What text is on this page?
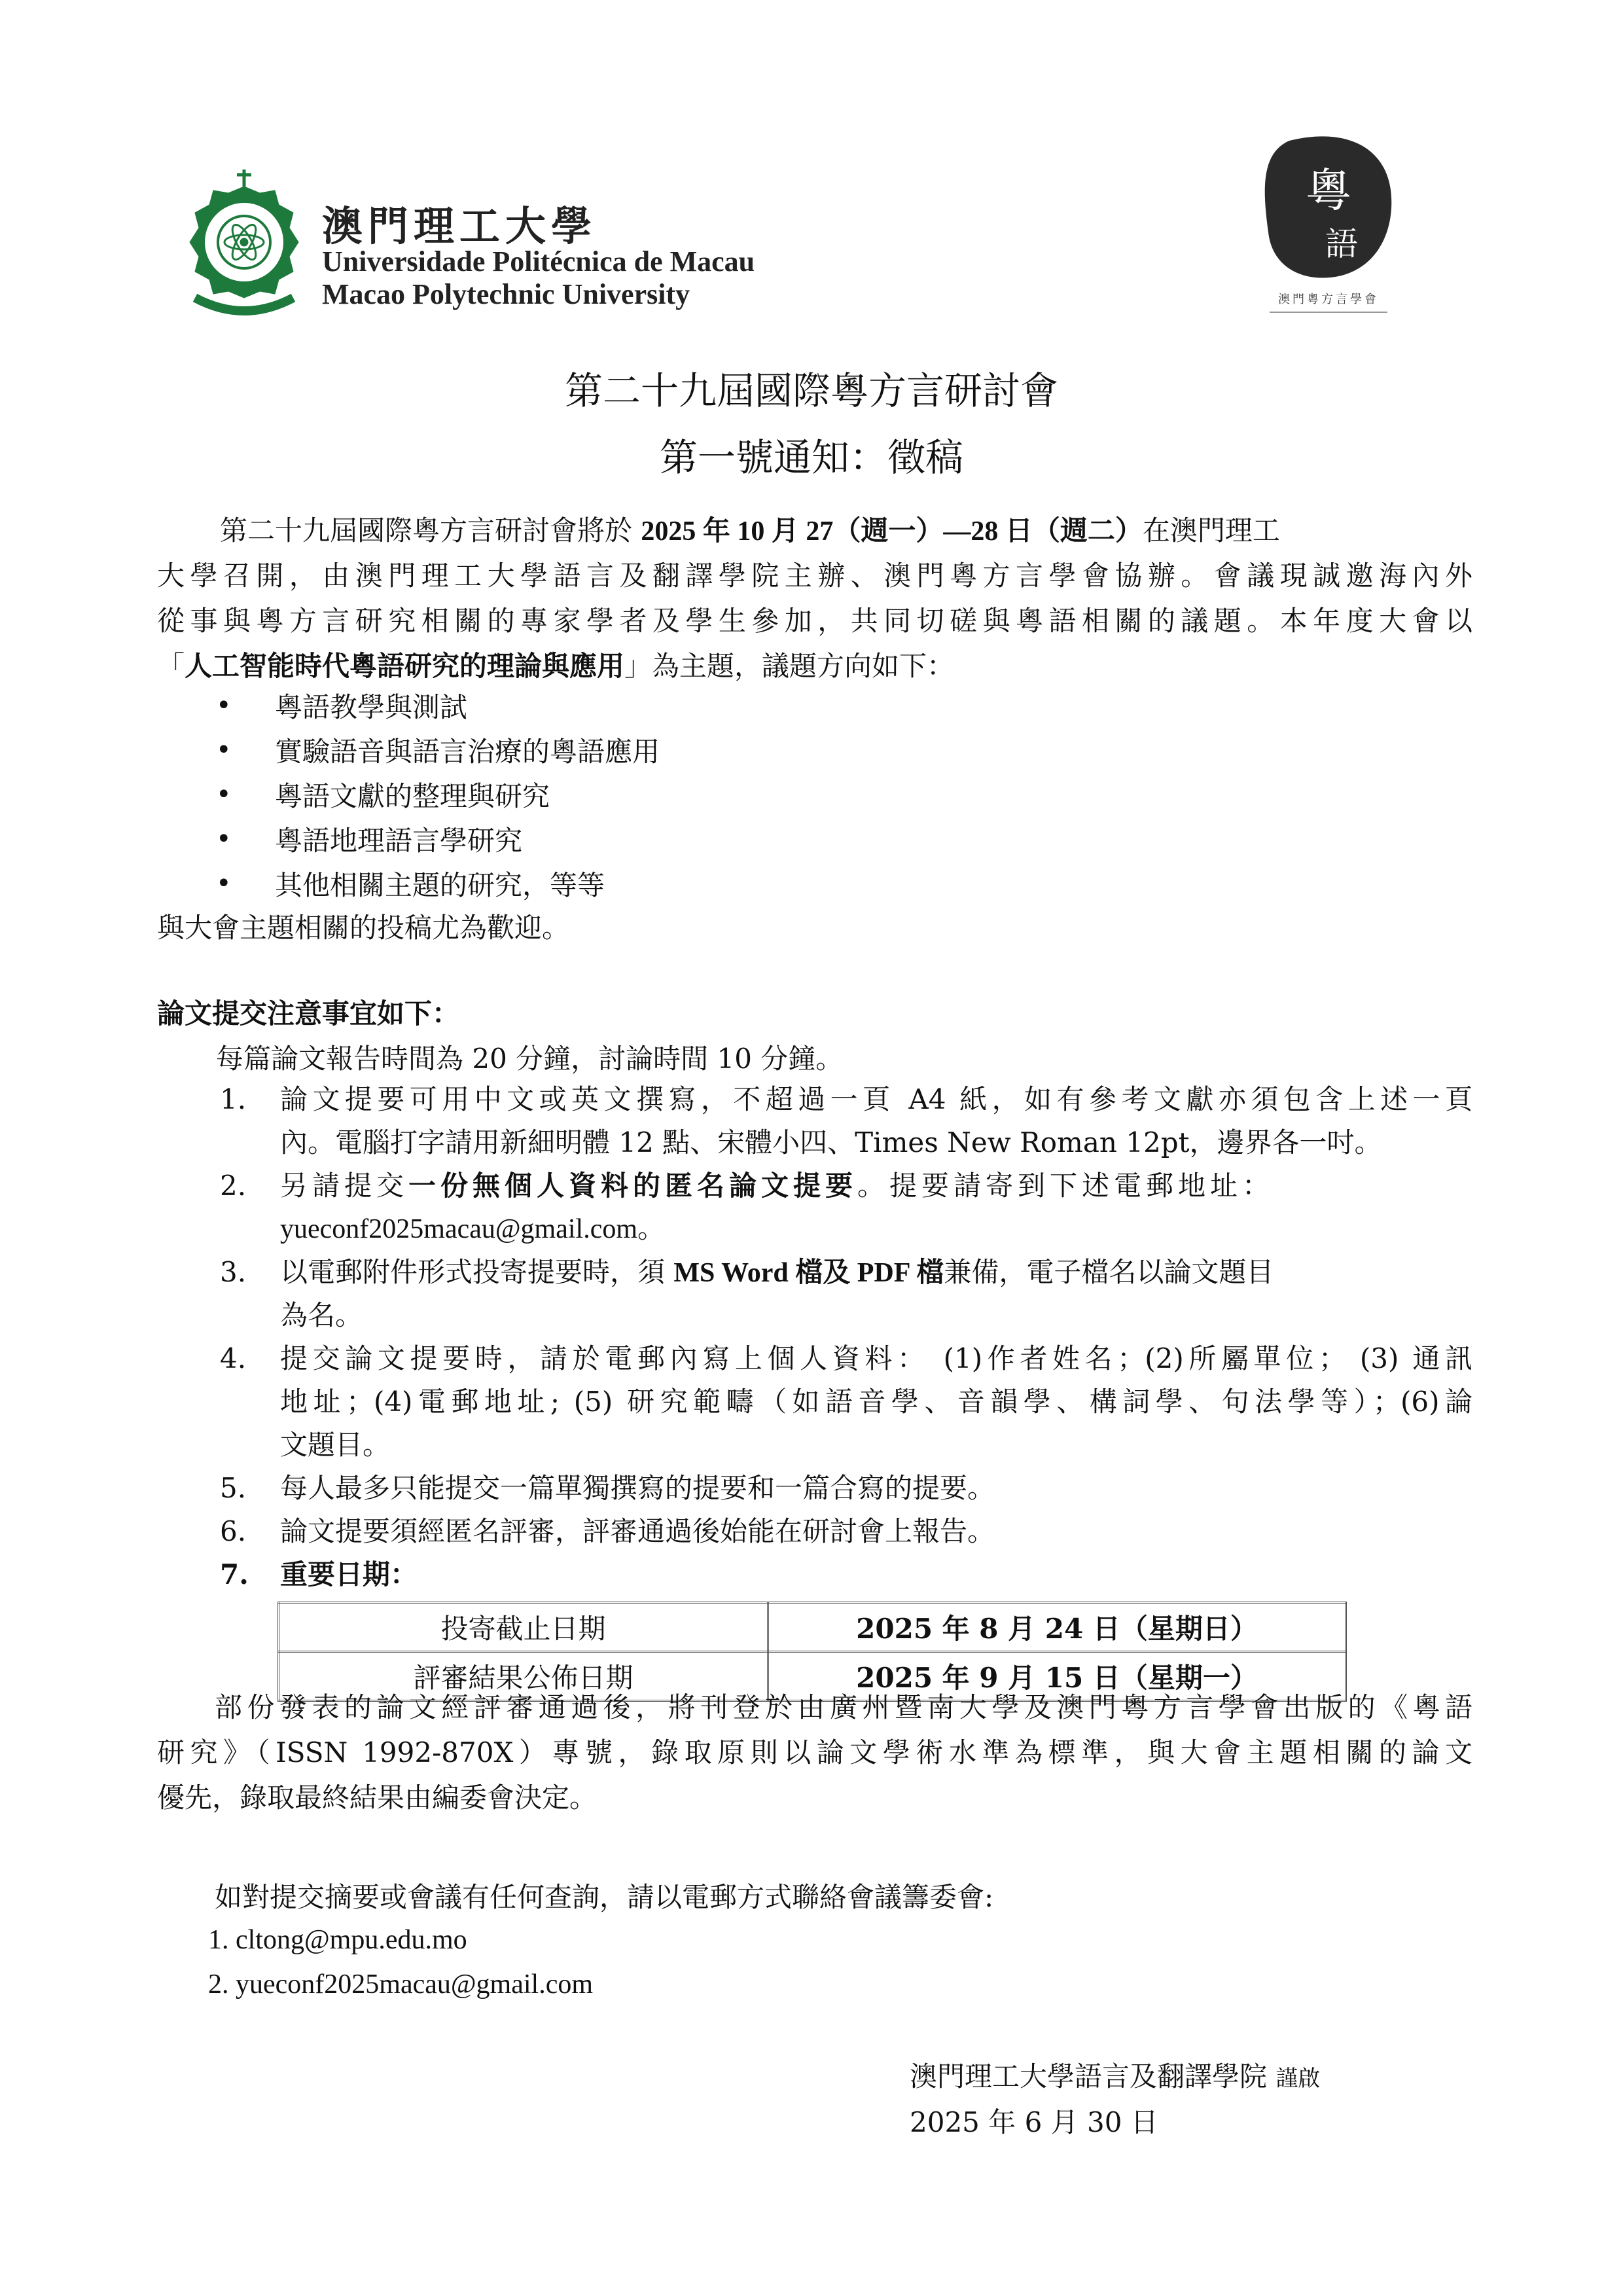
澳門理工大學
Universidade Politécnica de Macau
Macao Polytechnic University
粵
語
澳門粵方言學會
第二十九屆國際粵方言研討會
第一號通知：徵稿
第二十九屆國際粵方言研討會將於 2025 年 10 月 27（週一）—28 日（週二）在澳門理工
大學召開，由澳門理工大學語言及翻譯學院主辦、澳門粵方言學會協辦。會議現誠邀海內外
從事與粵方言研究相關的專家學者及學生參加，共同切磋與粵語相關的議題。本年度大會以
「人工智能時代粵語研究的理論與應用」為主題，議題方向如下：
•	粵語教學與測試
•	實驗語音與語言治療的粵語應用
•	粵語文獻的整理與研究
•	粵語地理語言學研究
•	其他相關主題的研究，等等
與大會主題相關的投稿尤為歡迎。
論文提交注意事宜如下：
每篇論文報告時間為 20 分鐘，討論時間 10 分鐘。
1.	論文提要可用中文或英文撰寫，不超過一頁 A4 紙，如有參考文獻亦須包含上述一頁
內。電腦打字請用新細明體 12 點、宋體小四、Times New Roman 12pt，邊界各一吋。
2.	另請提交一份無個人資料的匿名論文提要。提要請寄到下述電郵地址：
yueconf2025macau@gmail.com。
3.	以電郵附件形式投寄提要時，須 MS Word 檔及 PDF 檔兼備，電子檔名以論文題目
為名。
4.	提交論文提要時，請於電郵內寫上個人資料： (1)作者姓名；(2)所屬單位； (3) 通訊
地址；(4)電郵地址; (5) 研究範疇（如語音學、音韻學、構詞學、句法學等）；(6)論
文題目。
5.	每人最多只能提交一篇單獨撰寫的提要和一篇合寫的提要。
6.	論文提要須經匿名評審，評審通過後始能在研討會上報告。
7.	重要日期：
投寄截止日期	2025 年 8 月 24 日（星期日）
評審結果公佈日期	2025 年 9 月 15 日（星期一）
部份發表的論文經評審通過後，將刊登於由廣州暨南大學及澳門粵方言學會出版的《粵語
研究》（ISSN 1992-870X）專號，錄取原則以論文學術水準為標準，與大會主題相關的論文
優先，錄取最終結果由編委會決定。
如對提交摘要或會議有任何查詢，請以電郵方式聯絡會議籌委會:
1. cltong@mpu.edu.mo
2. yueconf2025macau@gmail.com
澳門理工大學語言及翻譯學院 謹啟
2025 年 6 月 30 日
